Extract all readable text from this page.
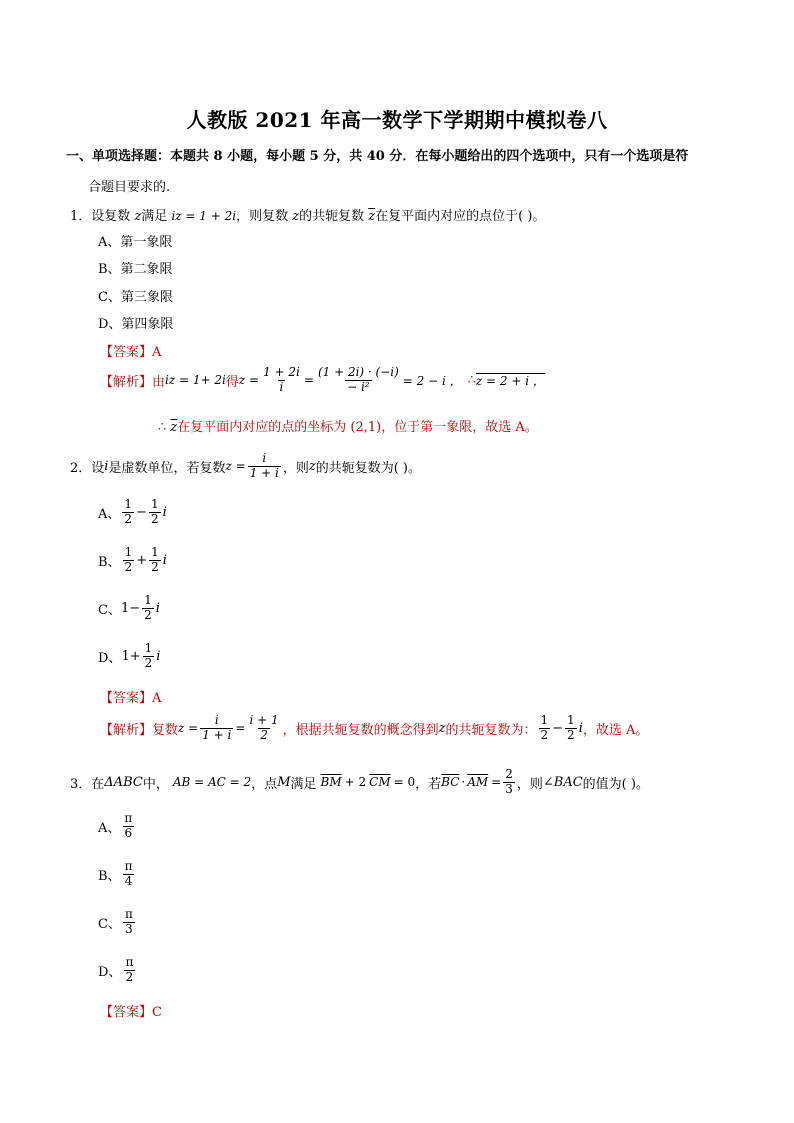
人教版 2021 年高一数学下学期期中模拟卷八
一、单项选择题：本题共 8 小题，每小题 5 分，共 40 分．在每小题给出的四个选项中，只有一个选项是符
合题目要求的.
1．设复数 z满足 iz = 1 + 2i，则复数 z的共轭复数 $\overline{z}$在复平面内对应的点位于( )。
A、第一象限
B、第二象限
C、第三象限
D、第四象限
【答案】A
【解析】 由 iz = 1+ 2i 得 $z = \frac{1 + 2i}{i} = \frac{(1 + 2i) \cdot (-i)}{\text{− i²}} = 2 - i$ ， ∴ z = 2 + i ，
∴ $\overline{z}$在复平面内对应的点的坐标为 (2,1)，位于第一象限，故选 A。
2． 设 i 是虚数单位，若复数 $z = \frac{i}{1 + i}$ ，则 z 的共轭复数为( )。
A、 $\frac{1}{2} - \frac{1}{2}$ i
B、 $\frac{1}{2} + \frac{1}{2}$ i
C、 $1 - \frac{1}{2}$ i
D、 $1 + \frac{1}{2}$ i
【答案】A
【解析】 复数 $z = \frac{i}{1 + i} = \frac{i + 1}{2}$ ，根据共轭复数的概念得到 z 的共轭复数为： $\frac{1}{2} - \frac{1}{2}$ i ，故选 A。
3． 在 ΔABC 中， AB = AC = 2 ，点 M 满足 $\overline{BM} + 2$ $\overline{CM} = 0$ ，若 $\overline{BC} \cdot \overline{AM} = \frac{2}{3}$ ，则 ∠BAC 的值为( )。
A、 $\frac{\pi}{6}$
B、 $\frac{\pi}{4}$
C、 $\frac{\pi}{3}$
D、 $\frac{\pi}{2}$
【答案】C
